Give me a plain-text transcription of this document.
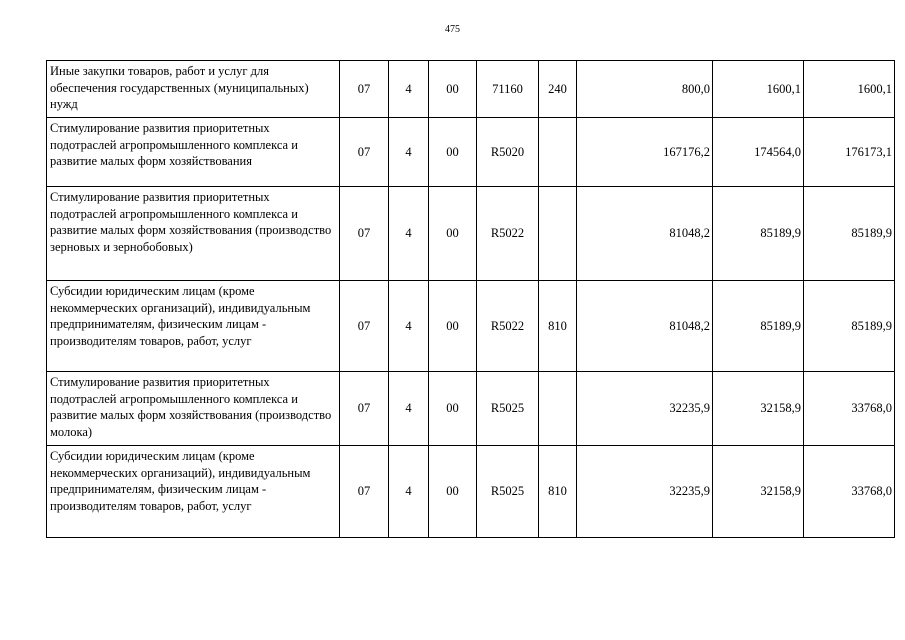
475
Иные закупки товаров, работ и услуг для обеспечения государственных (муниципальных) нужд	07	4	00	71160	240	800,0	1600,1	1600,1
Стимулирование развития приоритетных подотраслей агропромышленного комплекса и развитие малых форм хозяйствования	07	4	00	R5020		167176,2	174564,0	176173,1
Стимулирование развития приоритетных подотраслей агропромышленного комплекса и развитие малых форм хозяйствования (производство зерновых и зернобобовых)	07	4	00	R5022		81048,2	85189,9	85189,9
Субсидии юридическим лицам (кроме некоммерческих организаций), индивидуальным предпринимателям, физическим лицам - производителям товаров, работ, услуг	07	4	00	R5022	810	81048,2	85189,9	85189,9
Стимулирование развития приоритетных подотраслей агропромышленного комплекса и развитие малых форм хозяйствования (производство молока)	07	4	00	R5025		32235,9	32158,9	33768,0
Субсидии юридическим лицам (кроме некоммерческих организаций), индивидуальным предпринимателям, физическим лицам - производителям товаров, работ, услуг	07	4	00	R5025	810	32235,9	32158,9	33768,0
